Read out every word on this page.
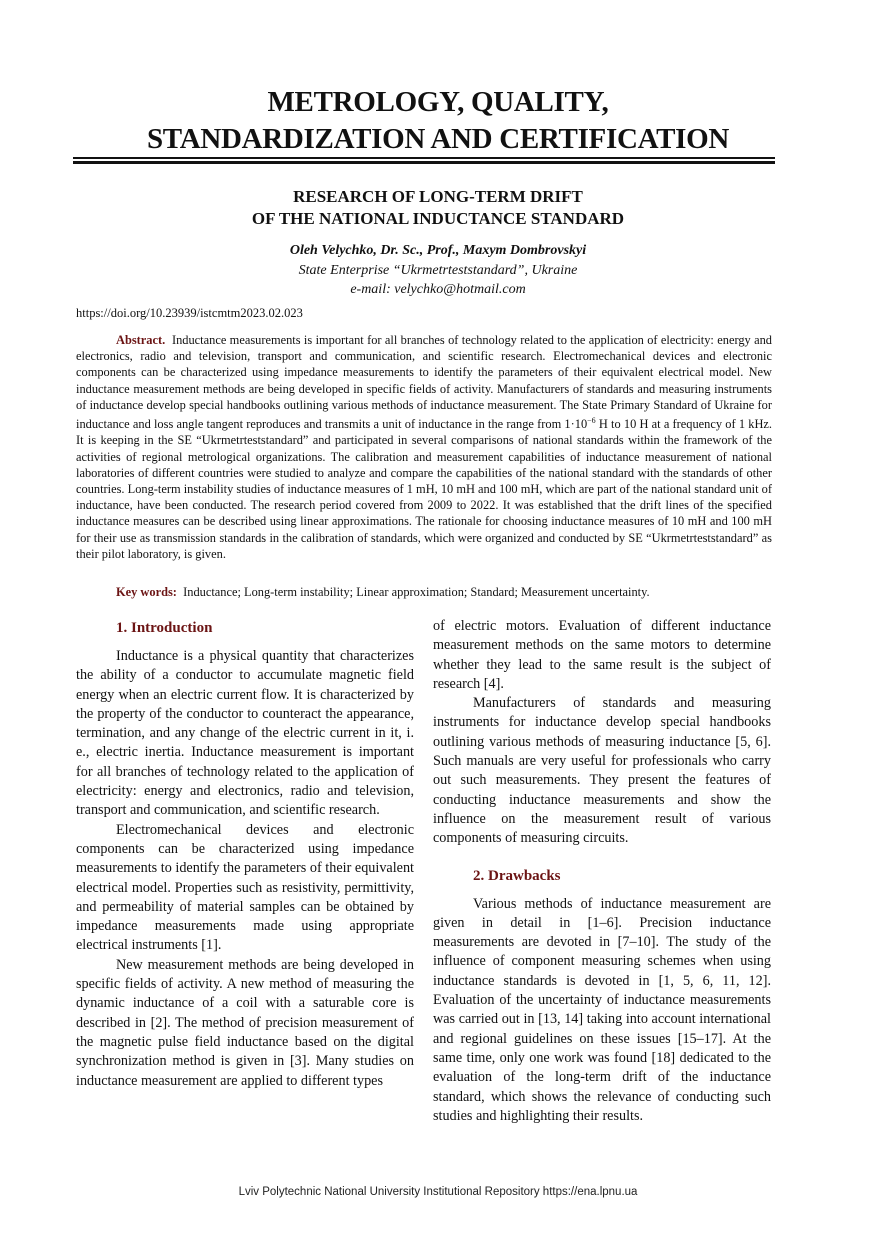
METROLOGY, QUALITY,
STANDARDIZATION AND CERTIFICATION
RESEARCH OF LONG-TERM DRIFT
OF THE NATIONAL INDUCTANCE STANDARD
Oleh Velychko, Dr. Sc., Prof., Maxym Dombrovskyi
State Enterprise “Ukrmetrteststandard”, Ukraine
e-mail: velychko@hotmail.com
https://doi.org/10.23939/istcmtm2023.02.023

Abstract. Inductance measurements is important for all branches of technology related to the application of electricity: energy and electronics, radio and television, transport and communication, and scientific research. Electromechanical devices and electronic components can be characterized using impedance measurements to identify the parameters of their equivalent electrical model. New inductance measurement methods are being developed in specific fields of activity. Manufacturers of standards and measuring instruments of inductance develop special handbooks outlining various methods of inductance measurement. The State Primary Standard of Ukraine for inductance and loss angle tangent reproduces and transmits a unit of inductance in the range from $1\cdot 10^{-6}$ H to 10 H at a frequency of 1 kHz. It is keeping in the SE “Ukrmetrteststandard” and participated in several comparisons of national standards within the framework of the activities of regional metrological organizations. The calibration and measurement capabilities of inductance measurement of national laboratories of different countries were studied to analyze and compare the capabilities of the national standard with the standards of other countries. Long-term instability studies of inductance measures of 1 mH, 10 mH and 100 mH, which are part of the national standard unit of inductance, have been conducted. The research period covered from 2009 to 2022. It was established that the drift lines of the specified inductance measures can be described using linear approximations. The rationale for choosing inductance measures of 10 mH and 100 mH for their use as transmission standards in the calibration of standards, which were organized and conducted by SE “Ukrmetrteststandard” as their pilot laboratory, is given.

Key words: Inductance; Long-term instability; Linear approximation; Standard; Measurement uncertainty.
1. Introduction

Inductance is a physical quantity that characterizes the ability of a conductor to accumulate magnetic field energy when an electric current flow. It is characterized by the property of the conductor to counteract the appearance, termination, and any change of the electric current in it, i. e., electric inertia. Inductance measurement is important for all branches of technology related to the application of electricity: energy and electronics, radio and television, transport and communication, and scientific research.

Electromechanical devices and electronic components can be characterized using impedance measurements to identify the parameters of their equivalent electrical model. Properties such as resistivity, permittivity, and permeability of material samples can be obtained by impedance measurements made using appropriate electrical instruments [1].

New measurement methods are being developed in specific fields of activity. A new method of measuring the dynamic inductance of a coil with a saturable core is described in [2]. The method of precision measurement of the magnetic pulse field inductance based on the digital synchronization method is given in [3]. Many studies on inductance measurement are applied to different types

of electric motors. Evaluation of different inductance measurement methods on the same motors to determine whether they lead to the same result is the subject of research [4].

Manufacturers of standards and measuring instruments for inductance develop special handbooks outlining various methods of measuring inductance [5, 6]. Such manuals are very useful for professionals who carry out such measurements. They present the features of conducting inductance measurements and show the influence on the measurement result of various components of measuring circuits.

2. Drawbacks

Various methods of inductance measurement are given in detail in [1–6]. Precision inductance measurements are devoted in [7–10]. The study of the influence of component measuring schemes when using inductance standards is devoted in [1, 5, 6, 11, 12]. Evaluation of the uncertainty of inductance measurements was carried out in [13, 14] taking into account international and regional guidelines on these issues [15–17]. At the same time, only one work was found [18] dedicated to the evaluation of the long-term drift of the inductance standard, which shows the relevance of conducting such studies and highlighting their results.

Lviv Polytechnic National University Institutional Repository https://ena.lpnu.ua
